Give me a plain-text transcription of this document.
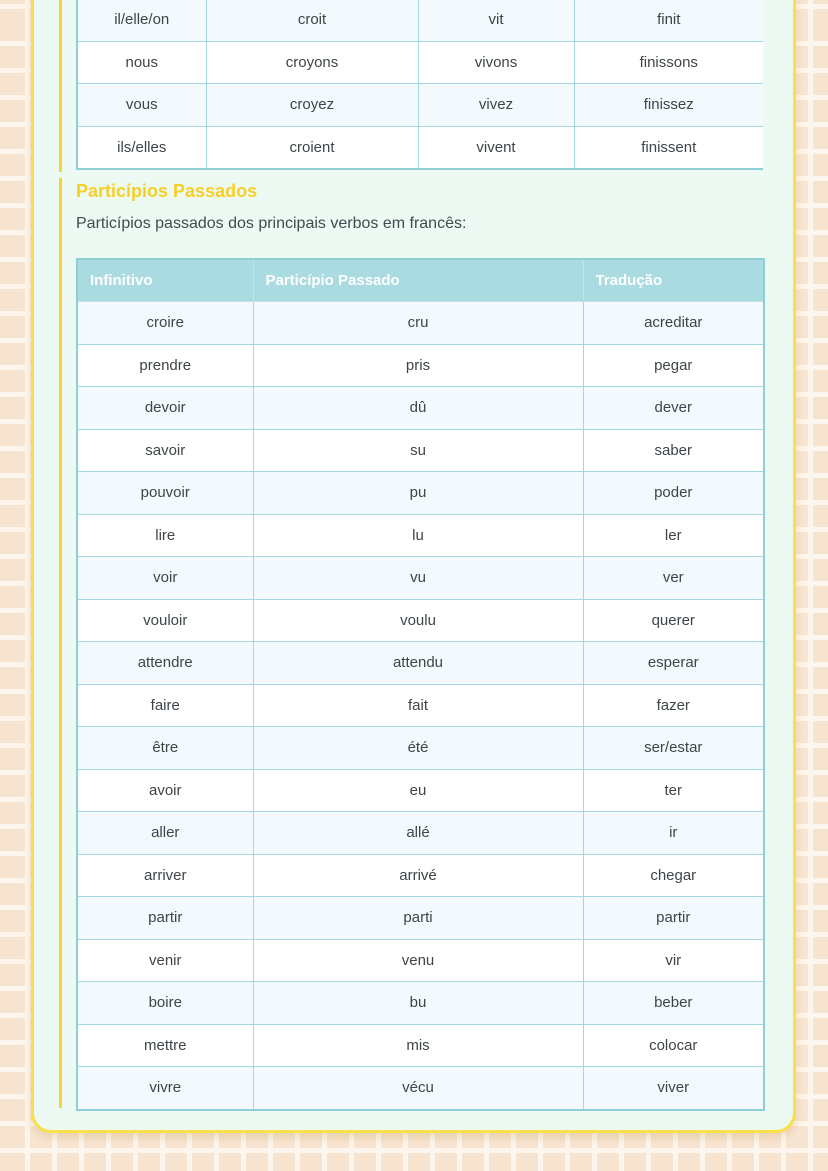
il/elle/on	croit	vit	finit
nous	croyons	vivons	finissons
vous	croyez	vivez	finissez
ils/elles	croient	vivent	finissent
Particípios Passados

Particípios passados dos principais verbos em francês:

Infinitivo	Particípio Passado	Tradução
croire	cru	acreditar
prendre	pris	pegar
devoir	dû	dever
savoir	su	saber
pouvoir	pu	poder
lire	lu	ler
voir	vu	ver
vouloir	voulu	querer
attendre	attendu	esperar
faire	fait	fazer
être	été	ser/estar
avoir	eu	ter
aller	allé	ir
arriver	arrivé	chegar
partir	parti	partir
venir	venu	vir
boire	bu	beber
mettre	mis	colocar
vivre	vécu	viver
